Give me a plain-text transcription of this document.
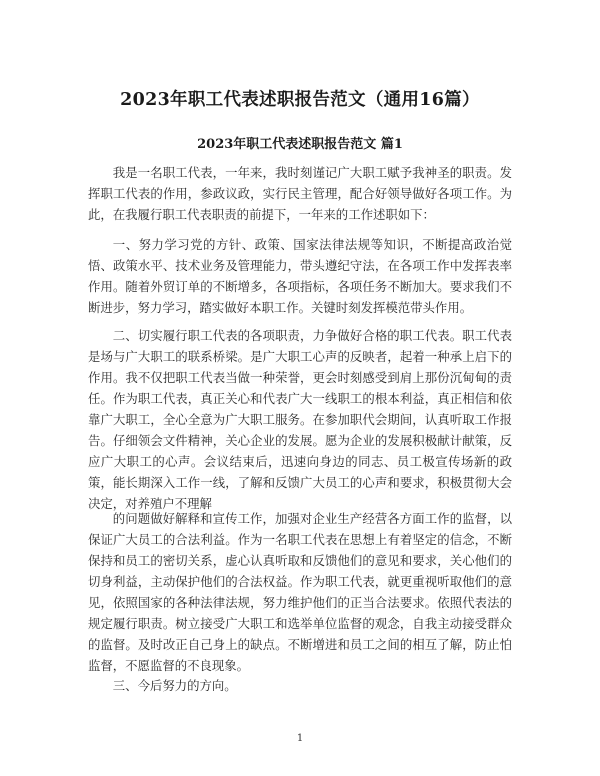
2023年职工代表述职报告范文（通用16篇）
2023年职工代表述职报告范文 篇1

我是一名职工代表，一年来，我时刻谨记广大职工赋予我神圣的职责。发挥职工代表的作用，参政议政，实行民主管理，配合好领导做好各项工作。为此，在我履行职工代表职责的前提下，一年来的工作述职如下：

一、努力学习党的方针、政策、国家法律法规等知识，不断提高政治觉悟、政策水平、技术业务及管理能力，带头遵纪守法，在各项工作中发挥表率作用。随着外贸订单的不断增多，各项指标，各项任务不断加大。要求我们不断进步，努力学习，踏实做好本职工作。关键时刻发挥模范带头作用。

二、切实履行职工代表的各项职责，力争做好合格的职工代表。职工代表是场与广大职工的联系桥梁。是广大职工心声的反映者，起着一种承上启下的作用。我不仅把职工代表当做一种荣誉，更会时刻感受到肩上那份沉甸甸的责任。作为职工代表，真正关心和代表广大一线职工的根本利益，真正相信和依靠广大职工，全心全意为广大职工服务。在参加职代会期间，认真听取工作报告。仔细领会文件精神，关心企业的发展。愿为企业的发展积极献计献策，反应广大职工的心声。会议结束后，迅速向身边的同志、员工极宣传场新的政策，能长期深入工作一线，了解和反馈广大员工的心声和要求，积极贯彻大会决定，对养殖户不理解

的问题做好解释和宣传工作，加强对企业生产经营各方面工作的监督，以保证广大员工的合法利益。作为一名职工代表在思想上有着坚定的信念，不断保持和员工的密切关系，虚心认真听取和反馈他们的意见和要求，关心他们的切身利益，主动保护他们的合法权益。作为职工代表，就更重视听取他们的意见，依照国家的各种法律法规，努力维护他们的正当合法要求。依照代表法的规定履行职责。树立接受广大职工和选举单位监督的观念，自我主动接受群众的监督。及时改正自己身上的缺点。不断增进和员工之间的相互了解，防止怕监督，不愿监督的不良现象。

三、今后努力的方向。

1
